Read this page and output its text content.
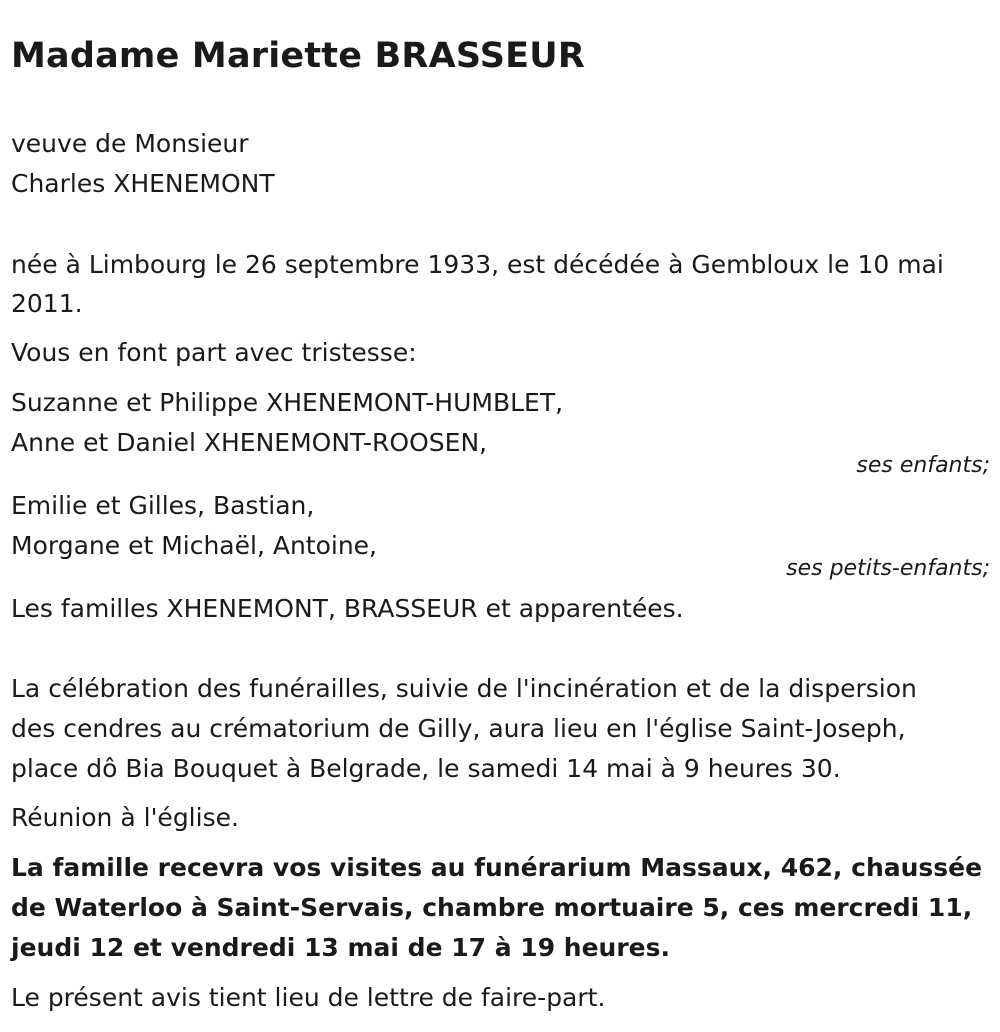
Madame Mariette BRASSEUR
veuve de Monsieur
Charles XHENEMONT
née à Limbourg le 26 septembre 1933, est décédée à Gembloux le 10 mai
2011.
Vous en font part avec tristesse:
Suzanne et Philippe XHENEMONT-HUMBLET,
Anne et Daniel XHENEMONT-ROOSEN,
ses enfants;
Emilie et Gilles, Bastian,
Morgane et Michaël, Antoine,
ses petits-enfants;
Les familles XHENEMONT, BRASSEUR et apparentées.
La célébration des funérailles, suivie de l'incinération et de la dispersion
des cendres au crématorium de Gilly, aura lieu en l'église Saint-Joseph,
place dô Bia Bouquet à Belgrade, le samedi 14 mai à 9 heures 30.
Réunion à l'église.
La famille recevra vos visites au funérarium Massaux, 462, chaussée
de Waterloo à Saint-Servais, chambre mortuaire 5, ces mercredi 11,
jeudi 12 et vendredi 13 mai de 17 à 19 heures.
Le présent avis tient lieu de lettre de faire-part.
